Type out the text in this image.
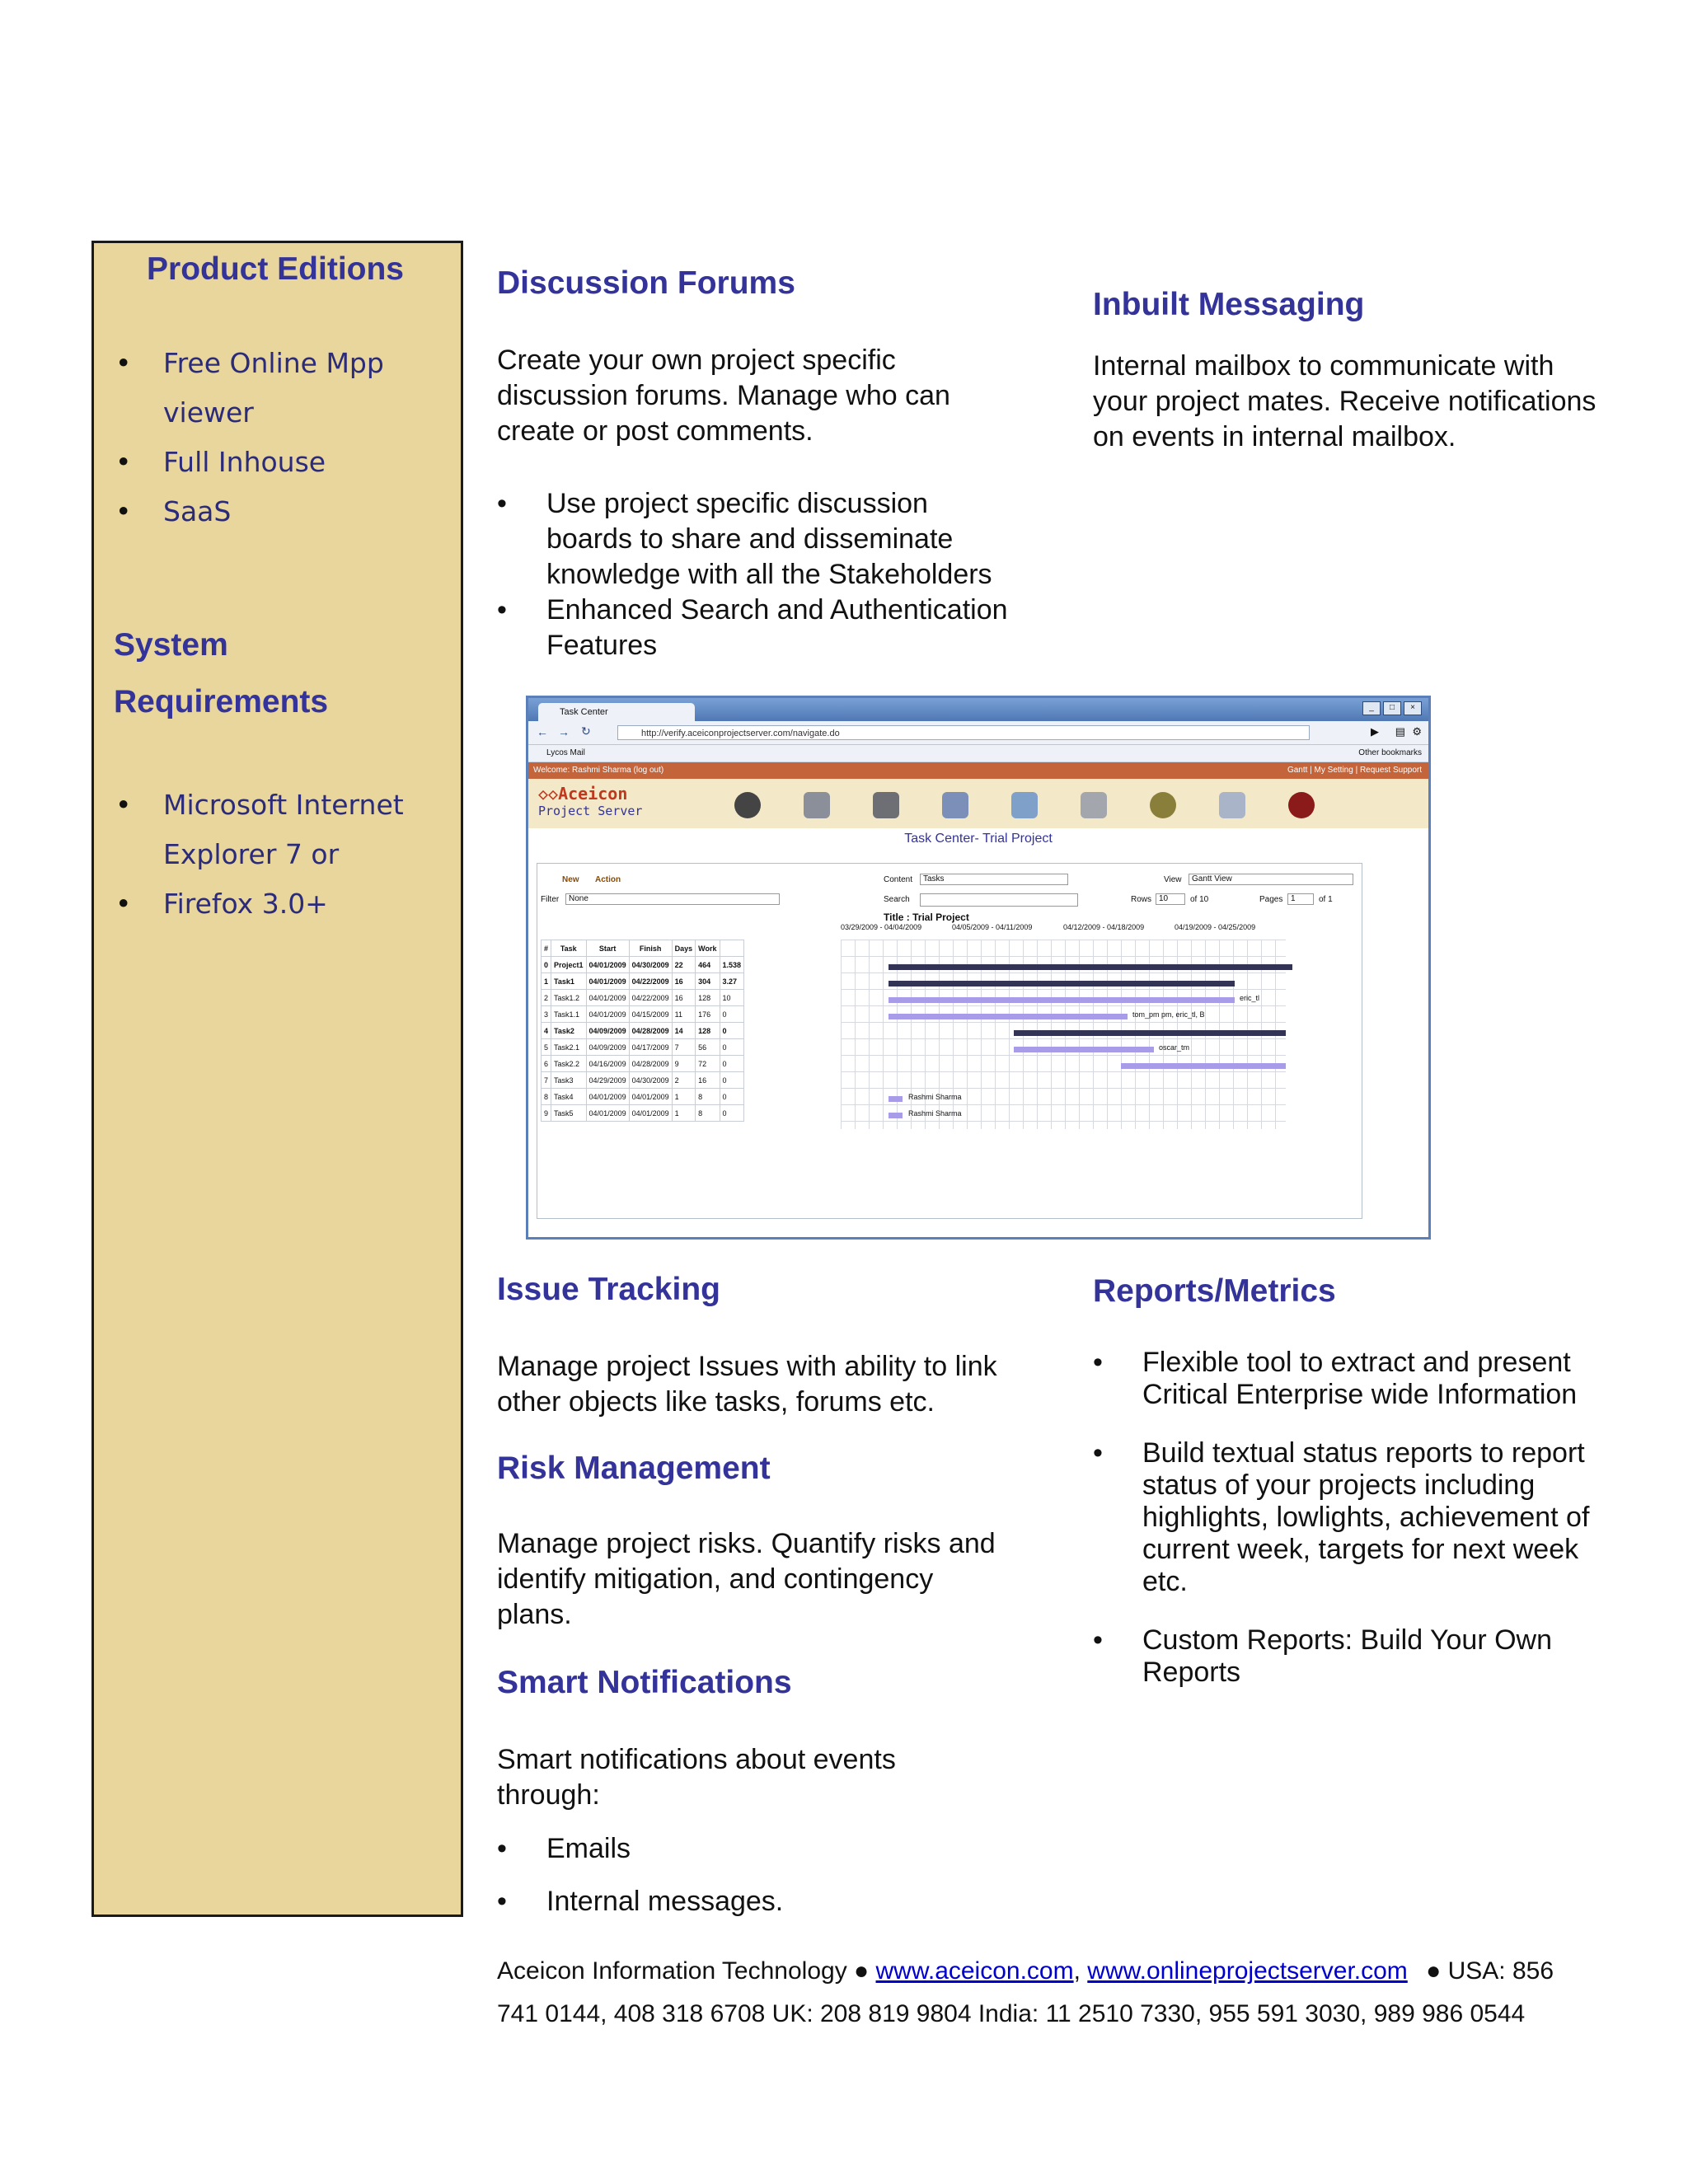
Product Editions
• Free Online Mpp viewer
• Full Inhouse
• SaaS
System
Requirements
• Microsoft Internet Explorer 7 or
• Firefox 3.0+
Discussion Forums
Create your own project specific discussion forums. Manage who can create or post comments.
• Use project specific discussion boards to share and disseminate knowledge with all the Stakeholders
• Enhanced Search and Authentication Features
Inbuilt Messaging
Internal mailbox to communicate with your project mates. Receive notifications on events in internal mailbox.
Task Center	_	□	×
← → ↻	http://verify.aceiconprojectserver.com/navigate.do	▶ ▤ ⚙
Lycos Mail	Other bookmarks
Welcome: Rashmi Sharma (log out)	Gantt | My Setting | Request Support
◇◇Aceicon
Project Server
Task Center- Trial Project
New Action	Content	Tasks	View	Gantt View
Filter	None	Search	Rows 10	of 10	Pages 1	of 1
Title : Trial Project
#	Task	Start	Finish	Days	Work	
0	Project1	04/01/2009	04/30/2009	22	464	1.538
1	Task1	04/01/2009	04/22/2009	16	304	3.27
2	Task1.2	04/01/2009	04/22/2009	16	128	10
3	Task1.1	04/01/2009	04/15/2009	11	176	0
4	Task2	04/09/2009	04/28/2009	14	128	0
5	Task2.1	04/09/2009	04/17/2009	7	56	0
6	Task2.2	04/16/2009	04/28/2009	9	72	0
7	Task3	04/29/2009	04/30/2009	2	16	0
8	Task4	04/01/2009	04/01/2009	1	8	0
9	Task5	04/01/2009	04/01/2009	1	8	0
03/29/2009 - 04/04/2009	04/05/2009 - 04/11/2009	04/12/2009 - 04/18/2009	04/19/2009 - 04/25/2009
eric_tl
tom_pm pm, eric_tl, B
oscar_tm
Rashmi Sharma
Rashmi Sharma
Issue Tracking
Manage project Issues with ability to link other objects like tasks, forums etc.
Risk Management
Manage project risks. Quantify risks and identify mitigation, and contingency plans.
Smart Notifications
Smart notifications about events through:
• Emails
• Internal messages.
Reports/Metrics
• Flexible tool to extract and present Critical Enterprise wide Information
• Build textual status reports to report status of your projects including highlights, lowlights, achievement of current week, targets for next week etc.
• Custom Reports: Build Your Own Reports
Aceicon Information Technology ● www.aceicon.com, www.onlineprojectserver.com ● USA: 856
741 0144, 408 318 6708 UK: 208 819 9804 India: 11 2510 7330, 955 591 3030, 989 986 0544
